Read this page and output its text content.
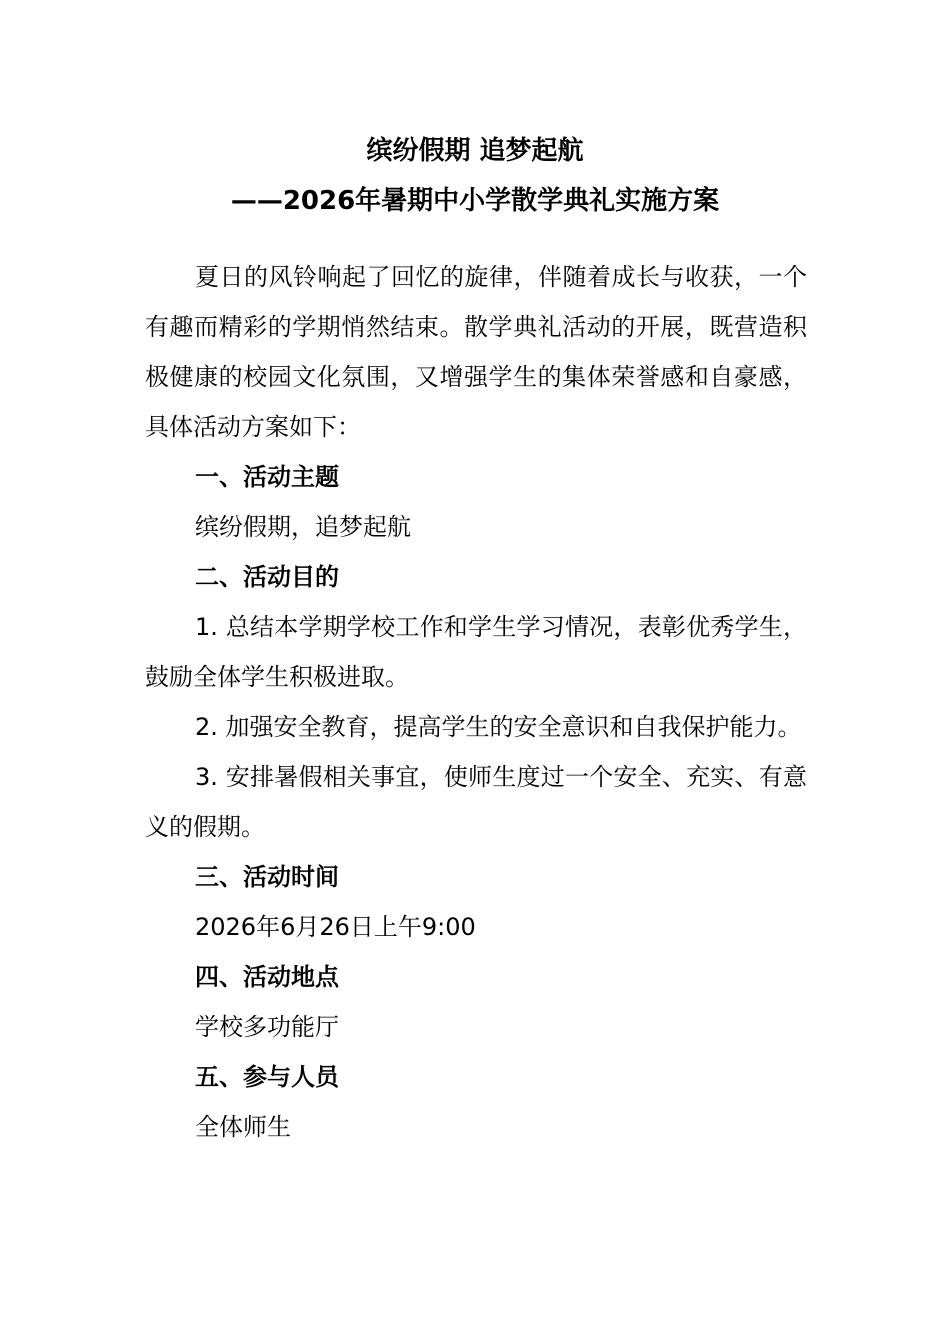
缤纷假期 追梦起航
——2026年暑期中小学散学典礼实施方案

夏日的风铃响起了回忆的旋律，伴随着成长与收获，一个有趣而精彩的学期悄然结束。散学典礼活动的开展，既营造积极健康的校园文化氛围，又增强学生的集体荣誉感和自豪感，具体活动方案如下：

一、活动主题

缤纷假期，追梦起航

二、活动目的

1. 总结本学期学校工作和学生学习情况，表彰优秀学生，鼓励全体学生积极进取。

2. 加强安全教育，提高学生的安全意识和自我保护能力。

3. 安排暑假相关事宜，使师生度过一个安全、充实、有意义的假期。

三、活动时间

2026年6月26日上午9:00

四、活动地点

学校多功能厅

五、参与人员

全体师生
